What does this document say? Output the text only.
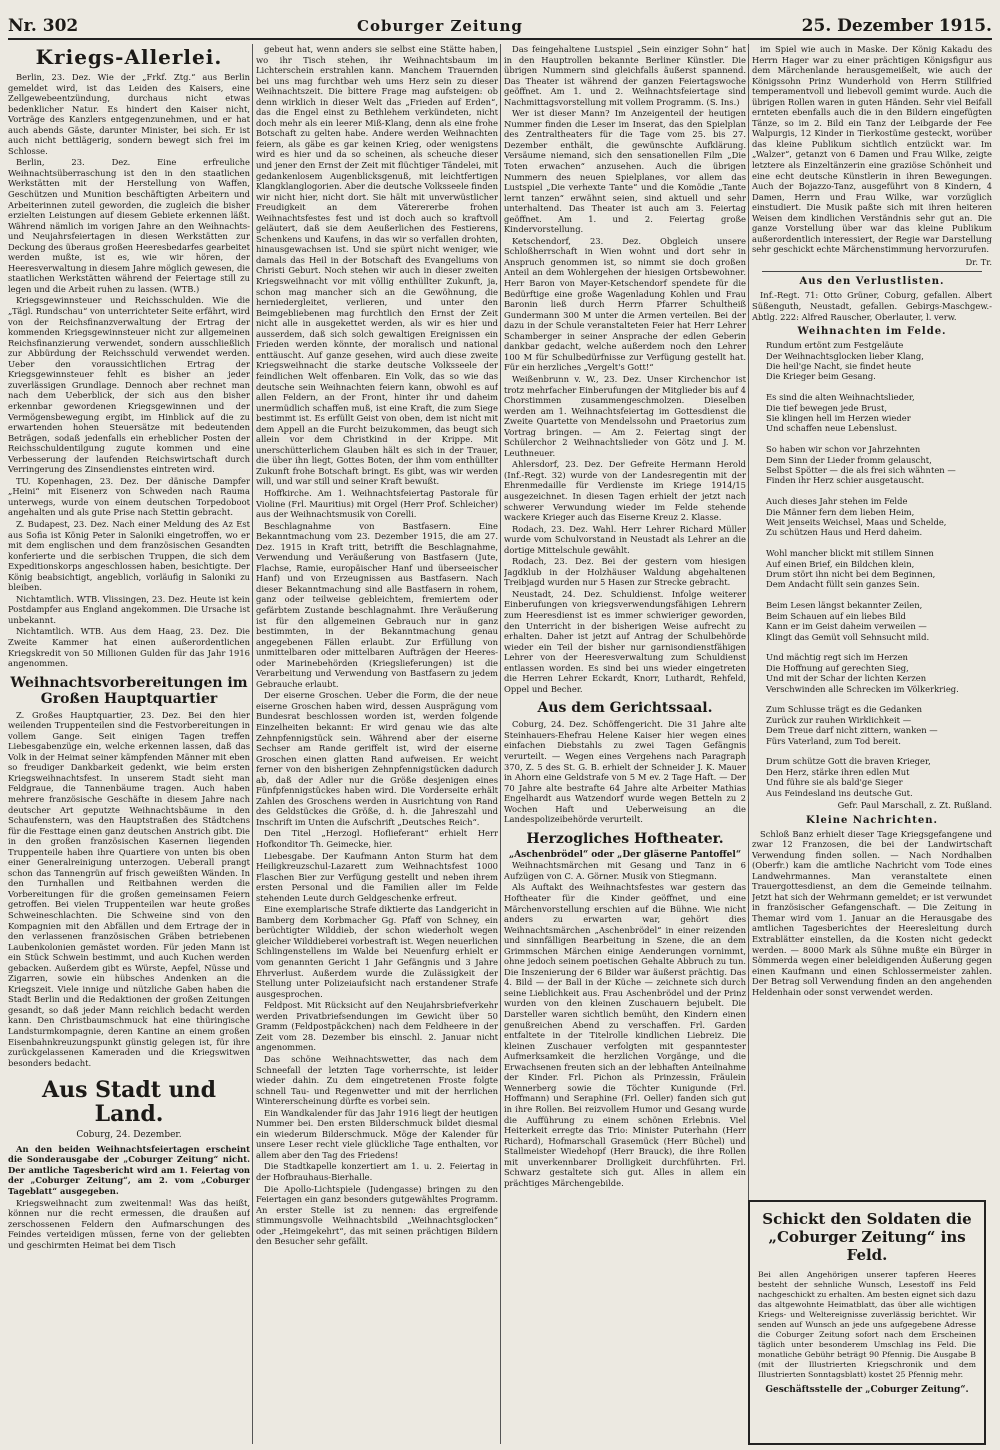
Nr. 302	Coburger Zeitung	25. Dezember 1915.
Kriegs-Allerlei.

Berlin, 23. Dez. Wie der „Frkf. Ztg.“ aus Berlin gemeldet wird, ist das Leiden des Kaisers, eine Zellgewebeentzündung, durchaus nicht etwas bedenklicher Natur. Es hindert den Kaiser nicht, Vorträge des Kanzlers entgegenzunehmen, und er hat auch abends Gäste, darunter Minister, bei sich. Er ist auch nicht bettlägerig, sondern bewegt sich frei im Schlosse.

Berlin, 23. Dez. Eine erfreuliche Weihnachtsüberraschung ist den in den staatlichen Werkstätten mit der Herstellung von Waffen, Geschützen und Munition beschäftigten Arbeitern und Arbeiterinnen zuteil geworden, die zugleich die bisher erzielten Leistungen auf diesem Gebiete erkennen läßt. Während nämlich im vorigen Jahre an den Weihnachts- und Neujahrsfeiertagen in diesen Werkstätten zur Deckung des überaus großen Heeresbedarfes gearbeitet werden mußte, ist es, wie wir hören, der Heeresverwaltung in diesem Jahre möglich gewesen, die staatlichen Werkstätten während der Feiertage still zu legen und die Arbeit ruhen zu lassen. (WTB.)

Kriegsgewinnsteuer und Reichsschulden. Wie die „Tägl. Rundschau“ von unterrichteter Seite erfährt, wird von der Reichsfinanzverwaltung der Ertrag der kommenden Kriegsgewinnsteuer nicht zur allgemeinen Reichsfinanzierung verwendet, sondern ausschließlich zur Abbürdung der Reichsschuld verwendet werden. Ueber den voraussichtlichen Ertrag der Kriegsgewinnsteuer fehlt es bisher an jeder zuverlässigen Grundlage. Dennoch aber rechnet man nach dem Ueberblick, der sich aus den bisher erkennbar gewordenen Kriegsgewinnen und der Vermögensbewegung ergibt, im Hinblick auf die zu erwartenden hohen Steuersätze mit bedeutenden Beträgen, sodaß jedenfalls ein erheblicher Posten der Reichsschuldentilgung zugute kommen und eine Verbesserung der laufenden Reichswirtschaft durch Verringerung des Zinsendienstes eintreten wird.

TU. Kopenhagen, 23. Dez. Der dänische Dampfer „Heini“ mit Eisenerz von Schweden nach Rauma unterwegs, wurde von einem deutschen Torpedoboot angehalten und als gute Prise nach Stettin gebracht.

Z. Budapest, 23. Dez. Nach einer Meldung des Az Est aus Sofia ist König Peter in Saloniki eingetroffen, wo er mit dem englischen und dem französischen Gesandten konferierte und die serbischen Truppen, die sich dem Expeditionskorps angeschlossen haben, besichtigte. Der König beabsichtigt, angeblich, vorläufig in Saloniki zu bleiben.

Nichtamtlich. WTB. Vlissingen, 23. Dez. Heute ist kein Postdampfer aus England angekommen. Die Ursache ist unbekannt.

Nichtamtlich. WTB. Aus dem Haag, 23. Dez. Die Zweite Kammer hat einen außerordentlichen Kriegskredit von 50 Millionen Gulden für das Jahr 1916 angenommen.

Weihnachtsvorbereitungen im Großen Hauptquartier

Z. Großes Hauptquartier, 23. Dez. Bei den hier weilenden Truppenteilen sind die Festvorbereitungen in vollem Gange. Seit einigen Tagen treffen Liebesgabenzüge ein, welche erkennen lassen, daß das Volk in der Heimat seiner kämpfenden Männer mit eben so freudiger Dankbarkeit gedenkt, wie beim ersten Kriegsweihnachtsfest. In unserem Stadt sieht man Feldgraue, die Tannenbäume tragen. Auch haben mehrere französische Geschäfte in diesem Jahre nach deutscher Art geputzte Weihnachtsbäume in den Schaufenstern, was den Hauptstraßen des Städtchens für die Festtage einen ganz deutschen Anstrich gibt. Die in den großen französischen Kasernen liegenden Truppenteile haben ihre Quartiere von unten bis oben einer Generalreinigung unterzogen. Ueberall prangt schon das Tannengrün auf frisch geweißten Wänden. In den Turnhallen und Reitbahnen werden die Vorbereitungen für die großen gemeinsamen Feiern getroffen. Bei vielen Truppenteilen war heute großes Schweineschlachten. Die Schweine sind von den Kompagnien mit den Abfällen und dem Ertrage der in den verlassenen französischen Gräben betriebenen Laubenkolonien gemästet worden. Für jeden Mann ist ein Stück Schwein bestimmt, und auch Kuchen werden gebacken. Außerdem gibt es Würste, Aepfel, Nüsse und Zigarren, sowie ein hübsches Andenken an die Kriegszeit. Viele innige und nützliche Gaben haben die Stadt Berlin und die Redaktionen der großen Zeitungen gesandt, so daß jeder Mann reichlich bedacht werden kann. Den Christbaumschmuck hat eine thüringische Landsturmkompagnie, deren Kantine an einem großen Eisenbahnkreuzungspunkt günstig gelegen ist, für ihre zurückgelassenen Kameraden und die Kriegswitwen besonders bedacht.

Aus Stadt und Land.
Coburg, 24. Dezember.

An den beiden Weihnachtsfeiertagen erscheint die Sonderausgabe der „Coburger Zeitung“ nicht. Der amtliche Tagesbericht wird am 1. Feiertag von der „Coburger Zeitung“, am 2. vom „Coburger Tageblatt“ ausgegeben.

Kriegsweihnacht zum zweitenmal! Was das heißt, können nur die recht ermessen, die draußen auf zerschossenen Feldern den Aufmarschungen des Feindes verteidigen müssen, ferne von der geliebten und geschirmten Heimat bei dem Tisch

gebeut hat, wenn anders sie selbst eine Stätte haben, wo ihr Tisch stehen, ihr Weihnachtsbaum im Lichterschein erstrahlen kann. Manchem Trauernden bei uns mag furchtbar weh ums Herz sein zu dieser Weihnachtszeit. Die bittere Frage mag aufsteigen: ob denn wirklich in dieser Welt das „Frieden auf Erden“, das die Engel einst zu Bethlehem verkündeten, nicht doch mehr als ein leerer Miß-Klang, denn als eine frohe Botschaft zu gelten habe. Andere werden Weihnachten feiern, als gäbe es gar keinen Krieg, oder wenigstens wird es hier und da so scheinen, als scheuche dieser und jener den Ernst der Zeit mit flüchtiger Tändelei, mit gedankenlosem Augenblicksgenuß, mit leichtfertigen Klangklanglogorien. Aber die deutsche Volksseele finden wir nicht hier, nicht dort. Sie hält mit unverwüstlicher Freudigkeit an dem Väterererbe frohen Weihnachtsfestes fest und ist doch auch so kraftvoll geläutert, daß sie dem Aeußerlichen des Festierens, Schenkens und Kaufens, in das wir so verfallen drohten, hinausgewachsen ist. Und sie spürt nicht weniger, wie damals das Heil in der Botschaft des Evangeliums von Christi Geburt. Noch stehen wir auch in dieser zweiten Kriegsweihnacht vor mit völlig enthüllter Zukunft, ja, schon mag mancher sich an die Gewöhnung, die herniedergleitet, verlieren, und unter den Beimgebliebenen mag furchtlich den Ernst der Zeit nicht alle in ausgekettet werden, als wir es hier und ausserdem, daß sich solch gewaltigen Ereignissen ein Frieden werden könnte, der moralisch und national enttäuscht. Auf ganze gesehen, wird auch diese zweite Kriegsweihnacht die starke deutsche Volksseele der feindlichen Welt offenbaren. Ein Volk, das so wie das deutsche sein Weihnachten feiern kann, obwohl es auf allen Feldern, an der Front, hinter ihr und daheim unermüdlich schaffen muß, ist eine Kraft, die zum Siege bestimmt ist. Es erfüllt Geist von oben, dem ist nicht mit dem Appell an die Furcht beizukommen, das beugt sich allein vor dem Christkind in der Krippe. Mit unerschütterlichem Glauben hält es sich in der Trauer, die über ihn liegt, Gottes Boten, der ihm vom enthüllter Zukunft frohe Botschaft bringt. Es gibt, was wir werden will, und war still und seiner Kraft bewußt.

Hoffkirche. Am 1. Weihnachtsfeiertag Pastorale für Violine (Frl. Mauritius) mit Orgel (Herr Prof. Schleicher) aus der Weihnachtsmusik von Corelli.

Beschlagnahme von Bastfasern. Eine Bekanntmachung vom 23. Dezember 1915, die am 27. Dez. 1915 in Kraft tritt, betrifft die Beschlagnahme, Verwendung und Veräußerung von Bastfasern (Jute, Flachse, Ramie, europäischer Hanf und überseeischer Hanf) und von Erzeugnissen aus Bastfasern. Nach dieser Bekanntmachung sind alle Bastfasern in rohem, ganz oder teilweise gebleichtem, fremiertem oder gefärbtem Zustande beschlagnahmt. Ihre Veräußerung ist für den allgemeinen Gebrauch nur in ganz bestimmten, in der Bekanntmachung genau angegebenen Fällen erlaubt. Zur Erfüllung von unmittelbaren oder mittelbaren Aufträgen der Heeres- oder Marinebehörden (Kriegslieferungen) ist die Verarbeitung und Verwendung von Bastfasern zu jedem Gebrauche erlaubt.

Der eiserne Groschen. Ueber die Form, die der neue eiserne Groschen haben wird, dessen Ausprägung vom Bundesrat beschlossen worden ist, werden folgende Einzelheiten bekannt: Er wird genau wie das alte Zehnpfennigstück sein. Während aber der eiserne Sechser am Rande geriffelt ist, wird der eiserne Groschen einen glatten Rand aufweisen. Er weicht ferner von den bisherigen Zehnpfennigstücken dadurch ab, daß der Adler nur die Größe desjenigen eines Fünfpfennigstückes haben wird. Die Vorderseite erhält Zahlen des Groschens werden in Ausrichtung von Rand des Geldstückes die Größe, d. h. die Jahreszahl und Inschrift im Unten die Aufschrift „Deutsches Reich“.

Den Titel „Herzogl. Hoflieferant“ erhielt Herr Hofkonditor Th. Geimecke, hier.

Liebesgabe. Der Kaufmann Anton Sturm hat dem Heiligkreuzschul-Lazarett zum Weihnachtsfest 1000 Flaschen Bier zur Verfügung gestellt und neben ihrem ersten Personal und die Familien aller im Felde stehenden Leute durch Geldgeschenke erfreut.

Eine exemplarische Strafe diktierte das Landgericht in Bamberg dem Korbmacher Gg. Pfaff von Schney, ein berüchtigter Wilddieb, der schon wiederholt wegen gleicher Wilddieberei vorbestraft ist. Wegen neuerlichen Schlingenstellens im Walde bei Neuenfurg erhielt er vom genannten Gericht 1 Jahr Gefängnis und 3 Jahre Ehrverlust. Außerdem wurde die Zulässigkeit der Stellung unter Polizeiaufsicht nach erstandener Strafe ausgesprochen.

Feldpost. Mit Rücksicht auf den Neujahrsbriefverkehr werden Privatbriefsendungen im Gewicht über 50 Gramm (Feldpostpäckchen) nach dem Feldheere in der Zeit vom 28. Dezember bis einschl. 2. Januar nicht angenommen.

Das schöne Weihnachtswetter, das nach dem Schneefall der letzten Tage vorherrschte, ist leider wieder dahin. Zu dem eingetretenen Froste folgte schnell Tau- und Regenwetter und mit der herrlichen Wintererscheinung dürfte es vorbei sein.

Ein Wandkalender für das Jahr 1916 liegt der heutigen Nummer bei. Den ersten Bilderschmuck bildet diesmal ein wiederum Bilderschmuck. Möge der Kalender für unsere Leser recht viele glückliche Tage enthalten, vor allem aber den Tag des Friedens!

Die Stadtkapelle konzertiert am 1. u. 2. Feiertag in der Hofbrauhaus-Bierhalle.

Die Apollo-Lichtspiele (Judengasse) bringen zu den Feiertagen ein ganz besonders gutgewähltes Programm. An erster Stelle ist zu nennen: das ergreifende stimmungsvolle Weihnachtsbild „Weihnachtsglocken“ oder „Heimgekehrt“, das mit seinen prächtigen Bildern den Besucher sehr gefällt.

Das feingehaltene Lustspiel „Sein einziger Sohn“ hat in den Hauptrollen bekannte Berliner Künstler. Die übrigen Nummern sind gleichfalls äußerst spannend. Das Theater ist während der ganzen Feiertagswoche geöffnet. Am 1. und 2. Weihnachtsfeiertage sind Nachmittagsvorstellung mit vollem Programm. (S. Ins.)

Wer ist dieser Mann? Im Anzeigenteil der heutigen Nummer finden die Leser im Inserat, das den Spielplan des Zentraltheaters für die Tage vom 25. bis 27. Dezember enthält, die gewünschte Aufklärung. Versäume niemand, sich den sensationellen Film „Die Toten erwachen“ anzusehen. Auch die übrigen Nummern des neuen Spielplanes, vor allem das Lustspiel „Die verhexte Tante“ und die Komödie „Tante lernt tanzen“ erwähnt seien, sind aktuell und sehr unterhaltend. Das Theater ist auch am 3. Feiertag geöffnet. Am 1. und 2. Feiertag große Kindervorstellung.

Ketschendorf, 23. Dez. Obgleich unsere Schloßherrschaft in Wien wohnt und dort sehr in Anspruch genommen ist, so nimmt sie doch großen Anteil an dem Wohlergehen der hiesigen Ortsbewohner. Herr Baron von Mayer-Ketschendorf spendete für die Bedürftige eine große Wagenladung Kohlen und Frau Baronin ließ durch Herrn Pfarrer Schultheiß Gundermann 300 M unter die Armen verteilen. Bei der dazu in der Schule veranstalteten Feier hat Herr Lehrer Schamberger in seiner Ansprache der edlen Geberin dankbar gedacht, welche außerdem noch den Lehrer 100 M für Schulbedürfnisse zur Verfügung gestellt hat. Für ein herzliches „Vergelt's Gott!“

Weißenbrunn v. W., 23. Dez. Unser Kirchenchor ist trotz mehrfacher Einberufungen der Mitglieder bis auf 4 Chorstimmen zusammengeschmolzen. Dieselben werden am 1. Weihnachtsfeiertag im Gottesdienst die Zweite Quartette von Mendelssohn und Praetorius zum Vortrag bringen. — Am 2. Feiertag singt der Schülerchor 2 Weihnachtslieder von Götz und J. M. Leuthneuer.

Ahlersdorf, 23. Dez. Der Gefreite Hermann Herold (Inf.-Regt. 32) wurde von der Landesregentin mit der Ehrenmedaille für Verdienste im Kriege 1914/15 ausgezeichnet. In diesen Tagen erhielt der jetzt nach schwerer Verwundung wieder im Felde stehende wackere Krieger auch das Eiserne Kreuz 2. Klasse.

Rodach, 23. Dez. Wahl. Herr Lehrer Richard Müller wurde vom Schulvorstand in Neustadt als Lehrer an die dortige Mittelschule gewählt.

Rodach, 23. Dez. Bei der gestern vom hiesigen Jagdklub in der Holzhäuser Waldung abgehaltenen Treibjagd wurden nur 5 Hasen zur Strecke gebracht.

Neustadt, 24. Dez. Schuldienst. Infolge weiterer Einberufungen von kriegsverwendungsfähigen Lehrern zum Heeresdienst ist es immer schwieriger geworden, den Unterricht in der bisherigen Weise aufrecht zu erhalten. Daher ist jetzt auf Antrag der Schulbehörde wieder ein Teil der bisher nur garnisondienstfähigen Lehrer von der Heeresverwaltung zum Schuldienst entlassen worden. Es sind bei uns wieder eingetreten die Herren Lehrer Eckardt, Knorr, Luthardt, Rehfeld, Oppel und Becher.

Aus dem Gerichtssaal.

Coburg, 24. Dez. Schöffengericht. Die 31 Jahre alte Steinhauers-Ehefrau Helene Kaiser hier wegen eines einfachen Diebstahls zu zwei Tagen Gefängnis verurteilt. — Wegen eines Vergehens nach Paragraph 370, Z. 5 des St. G. B. erhielt der Schneider J. K. Mauer in Ahorn eine Geldstrafe von 5 M ev. 2 Tage Haft. — Der 70 Jahre alte bestrafte 64 Jahre alte Arbeiter Mathias Engelhardt aus Watzendorf wurde wegen Betteln zu 2 Wochen Haft und Ueberweisung an die Landespolizeibehörde verurteilt.

Herzogliches Hoftheater.
„Aschenbrödel“ oder „Der gläserne Pantoffel“

Weihnachtsmärchen mit Gesang und Tanz in 6 Aufzügen von C. A. Görner. Musik von Stiegmann.

Als Auftakt des Weihnachtsfestes war gestern das Hoftheater für die Kinder geöffnet, und eine Märchenvorstellung erschien auf die Bühne. Wie nicht anders zu erwarten war, gehört dies Weihnachtsmärchen „Aschenbrödel“ in einer reizenden und sinnfälligen Bearbeitung in Szene, die an dem Grimmschen Märchen einige Aenderungen vornimmt, ohne jedoch seinem poetischen Gehalte Abbruch zu tun. Die Inszenierung der 6 Bilder war äußerst prächtig. Das 4. Bild — der Ball in der Küche — zeichnete sich durch seine Lieblichkeit aus. Frau Aschenbrödel und der Prinz wurden von den kleinen Zuschauern bejubelt. Die Darsteller waren sichtlich bemüht, den Kindern einen genußreichen Abend zu verschaffen. Frl. Garden entfaltete in der Titelrolle kindlichen Liebreiz. Die kleinen Zuschauer verfolgten mit gespanntester Aufmerksamkeit die herzlichen Vorgänge, und die Erwachsenen freuten sich an der lebhaften Anteilnahme der Kinder. Frl. Pichon als Prinzessin, Fräulein Wennerberg sowie die Töchter Kunigunde (Frl. Hoffmann) und Seraphine (Frl. Oeller) fanden sich gut in ihre Rollen. Bei reizvollem Humor und Gesang wurde die Aufführung zu einem schönen Erlebnis. Viel Heiterkeit erregte das Trio: Minister Puterhahn (Herr Richard), Hofmarschall Grasemück (Herr Büchel) und Stallmeister Wiedehopf (Herr Brauck), die ihre Rollen mit unverkennbarer Drolligkeit durchführten. Frl. Schwarz gestaltete sich gut. Alles in allem ein prächtiges Märchengebilde.

im Spiel wie auch in Maske. Der König Kakadu des Herrn Hager war zu einer prächtigen Königsfigur aus dem Märchenlande herausgemeißelt, wie auch der Königssohn Prinz Wunderhold von Herrn Stillfried temperamentvoll und liebevoll gemimt wurde. Auch die übrigen Rollen waren in guten Händen. Sehr viel Beifall ernteten ebenfalls auch die in den Bildern eingefügten Tänze, so im 2. Bild ein Tanz der Leibgarde der Fee Walpurgis, 12 Kinder in Tierkostüme gesteckt, worüber das kleine Publikum sichtlich entzückt war. Im „Walzer“, getanzt von 6 Damen und Frau Wilke, zeigte letztere als Einzeltänzerin eine graziöse Schönheit und eine echt deutsche Künstlerin in ihren Bewegungen. Auch der Bojazzo-Tanz, ausgeführt von 8 Kindern, 4 Damen, Herrn und Frau Wilke, war vorzüglich einstudiert. Die Musik paßte sich mit ihren heiteren Weisen dem kindlichen Verständnis sehr gut an. Die ganze Vorstellung über war das kleine Publikum außerordentlich interessiert, der Regie war Darstellung sehr geschickt echte Märchenstimmung hervorzurufen.

Dr. Tr.
Aus den Verlustlisten.

Inf.-Regt. 71: Otto Grüner, Coburg, gefallen. Albert Süßenguth, Neustadt, gefallen. Gebirgs-Maschgew.-Abtlg. 222: Alfred Rauscher, Oberlauter, l. verw.

Weihnachten im Felde.
Rundum ertönt zum Festgeläute
Der Weihnachtsglocken lieber Klang,
Die heil'ge Nacht, sie findet heute
Die Krieger beim Gesang.

Es sind die alten Weihnachtslieder,
Die tief bewegen jede Brust,
Sie klingen hell im Herzen wieder
Und schaffen neue Lebenslust.

So haben wir schon vor Jahrzehnten
Dem Sinn der Lieder fromm gelauscht,
Selbst Spötter — die als frei sich wähnten —
Finden ihr Herz schier ausgetauscht.

Auch dieses Jahr stehen im Felde
Die Männer fern dem lieben Heim,
Weit jenseits Weichsel, Maas und Schelde,
Zu schützen Haus und Herd daheim.

Wohl mancher blickt mit stillem Sinnen
Auf einen Brief, ein Bildchen klein,
Drum stört ihn nicht bei dem Beginnen,
Dem Andacht füllt sein ganzes Sein.

Beim Lesen längst bekannter Zeilen,
Beim Schauen auf ein liebes Bild
Kann er im Geist daheim verweilen —
Klingt das Gemüt voll Sehnsucht mild.

Und mächtig regt sich im Herzen
Die Hoffnung auf gerechten Sieg,
Und mit der Schar der lichten Kerzen
Verschwinden alle Schrecken im Völkerkrieg.

Zum Schlusse trägt es die Gedanken
Zurück zur rauhen Wirklichkeit —
Dem Treue darf nicht zittern, wanken —
Fürs Vaterland, zum Tod bereit.

Drum schütze Gott die braven Krieger,
Den Herz, stärke ihren edlen Mut
Und führe sie als bald'ge Sieger
Aus Feindesland ins deutsche Gut.
Gefr. Paul Marschall, z. Zt. Rußland.
Kleine Nachrichten.

Schloß Banz erhielt dieser Tage Kriegsgefangene und zwar 12 Franzosen, die bei der Landwirtschaft Verwendung finden sollen. — Nach Nordhalben (Oberfr.) kam die amtliche Nachricht vom Tode eines Landwehrmannes. Man veranstaltete einen Trauergottesdienst, an dem die Gemeinde teilnahm. Jetzt hat sich der Wehrmann gemeldet; er ist verwundet in französischer Gefangenschaft. — Die Zeitung in Themar wird vom 1. Januar an die Herausgabe des amtlichen Tagesberichtes der Heeresleitung durch Extrablätter einstellen, da die Kosten nicht gedeckt werden. — 8000 Mark als Sühne mußte ein Bürger in Sömmerda wegen einer beleidigenden Äußerung gegen einen Kaufmann und einen Schlossermeister zahlen. Der Betrag soll Verwendung finden an den angehenden Heldenhain oder sonst verwendet werden.

Schickt den Soldaten die „Coburger Zeitung“ ins Feld.
Bei allen Angehörigen unserer tapferen Heeres besteht der sehnliche Wunsch, Lesestoff ins Feld nachgeschickt zu erhalten. Am besten eignet sich dazu das altgewohnte Heimatblatt, das über alle wichtigen Kriegs- und Weltereignisse zuverlässig berichtet. Wir senden auf Wunsch an jede uns aufgegebene Adresse die Coburger Zeitung sofort nach dem Erscheinen täglich unter besonderem Umschlag ins Feld. Die monatliche Gebühr beträgt 90 Pfennig. Die Ausgabe B (mit der Illustrierten Kriegschronik und dem Illustrierten Sonntagsblatt) kostet 25 Pfennig mehr.
Geschäftsstelle der „Coburger Zeitung“.
